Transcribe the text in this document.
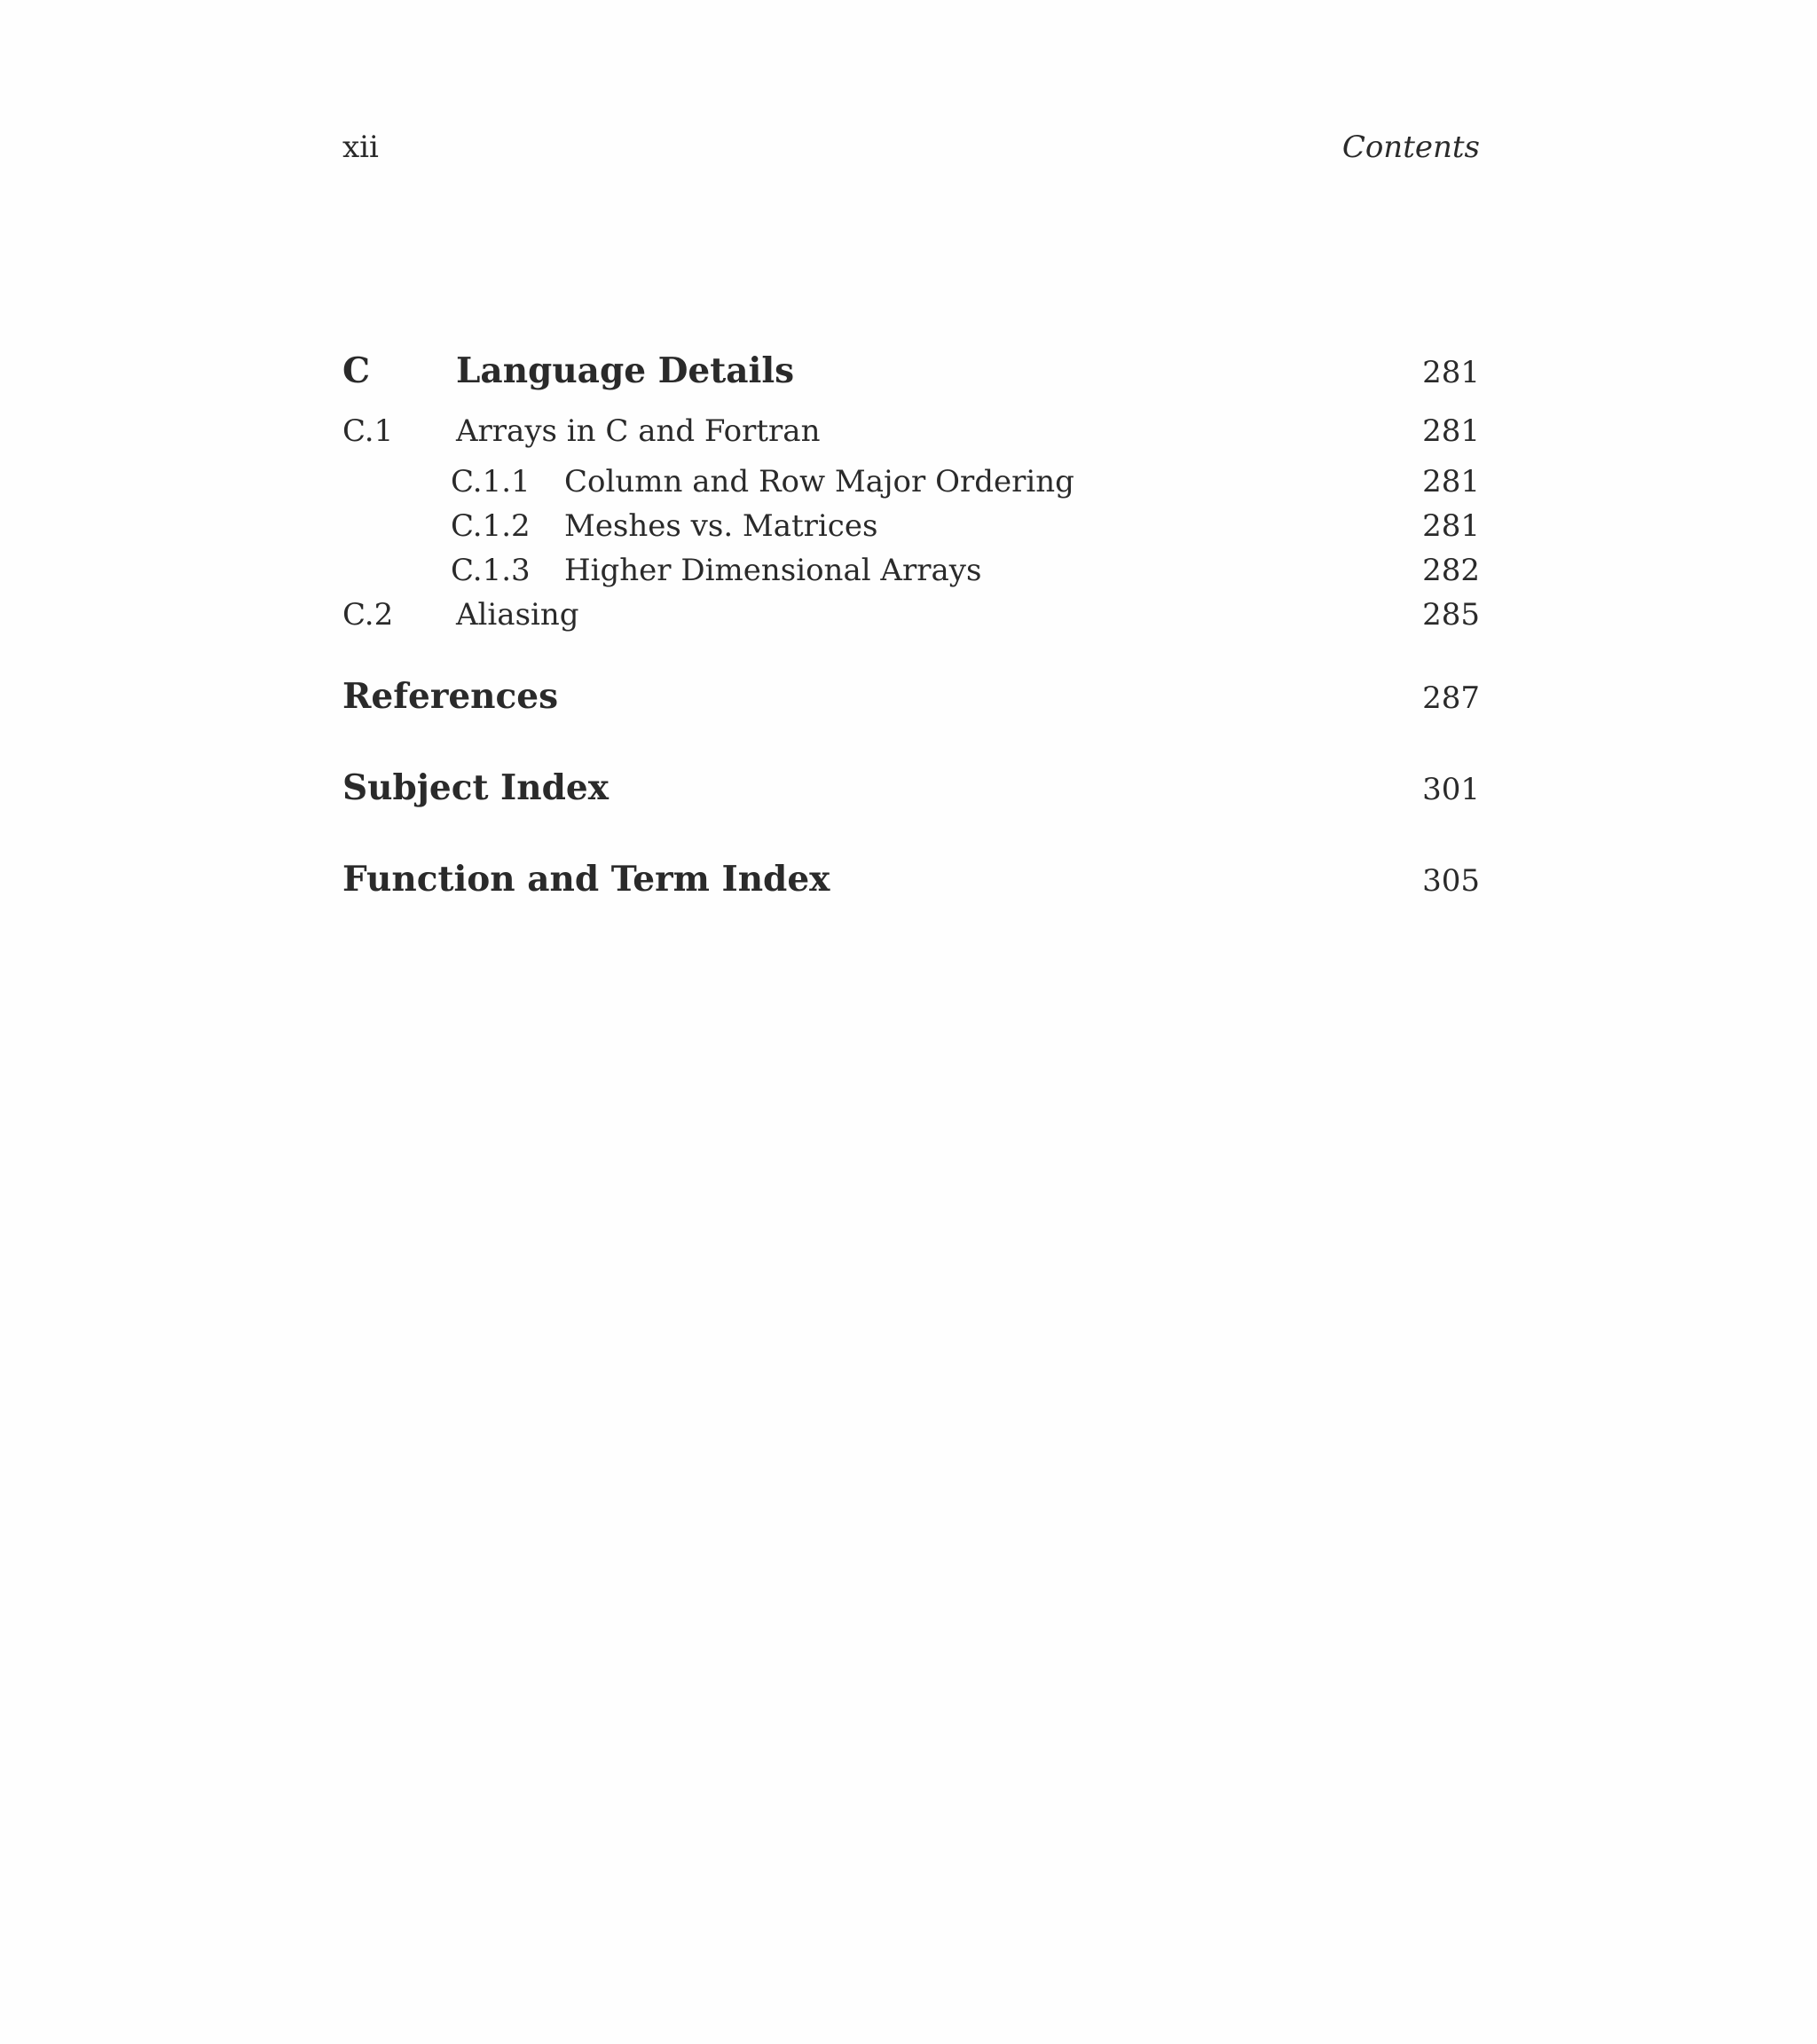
xii	Contents
C	Language Details	281
C.1	Arrays in C and Fortran	281
C.1.1	Column and Row Major Ordering	281
C.1.2	Meshes vs. Matrices	281
C.1.3	Higher Dimensional Arrays	282
C.2	Aliasing	285
References	287
Subject Index	301
Function and Term Index	305
